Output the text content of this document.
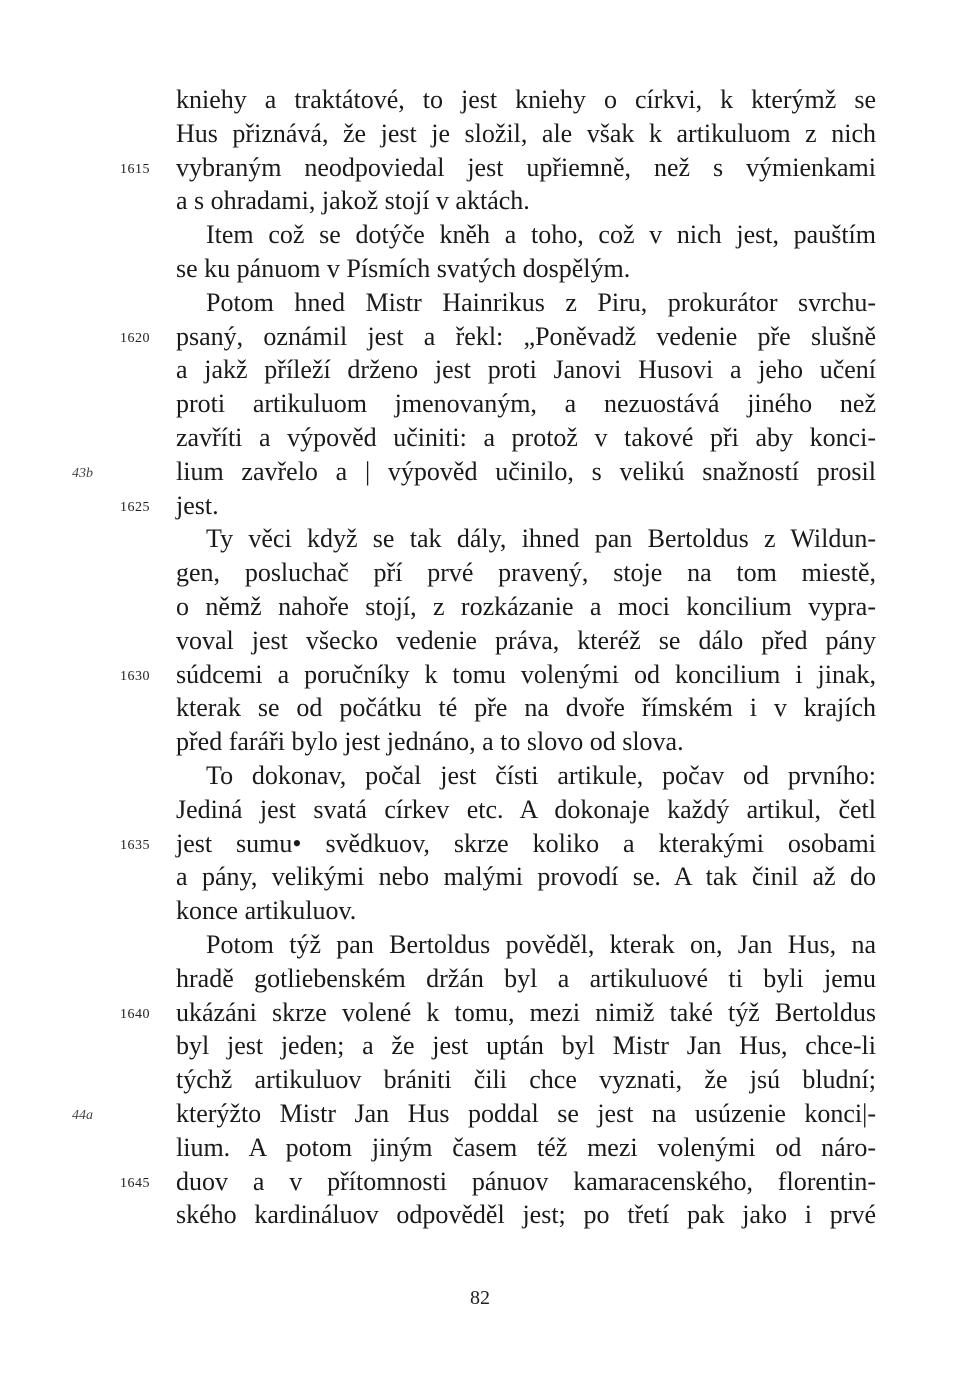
kniehy a traktátové, to jest kniehy o církvi, k kterýmž se
Hus přiznává, že jest je složil, ale však k artikuluom z nich
vybraným neodpoviedal jest upřiemně, než s výmienkami
a s ohradami, jakož stojí v aktách.
Item což se dotýče kněh a toho, což v nich jest, pauštím
se ku pánuom v Písmích svatých dospělým.
Potom hned Mistr Hainrikus z Piru, prokurátor svrchu-
psaný, oznámil jest a řekl: „Poněvadž vedenie pře slušně
a jakž příleží drženo jest proti Janovi Husovi a jeho učení
proti artikuluom jmenovaným, a nezuostává jiného než
zavříti a výpověd učiniti: a protož v takové při aby konci-
lium zavřelo a | výpověd učinilo, s velikú snažností prosil
jest.
Ty věci když se tak dály, ihned pan Bertoldus z Wildun-
gen, posluchač pří prvé pravený, stoje na tom miestě,
o němž nahoře stojí, z rozkázanie a moci koncilium vypra-
voval jest všecko vedenie práva, kteréž se dálo před pány
súdcemi a poručníky k tomu volenými od koncilium i jinak,
kterak se od počátku té pře na dvoře římském i v krajích
před faráři bylo jest jednáno, a to slovo od slova.
To dokonav, počal jest čísti artikule, počav od prvního:
Jediná jest svatá církev etc. A dokonaje každý artikul, četl
jest sumu• svědkuov, skrze koliko a kterakými osobami
a pány, velikými nebo malými provodí se. A tak činil až do
konce artikuluov.
Potom týž pan Bertoldus pověděl, kterak on, Jan Hus, na
hradě gotliebenském držán byl a artikuluové ti byli jemu
ukázáni skrze volené k tomu, mezi nimiž také týž Bertoldus
byl jest jeden; a že jest uptán byl Mistr Jan Hus, chce-li
týchž artikuluov brániti čili chce vyznati, že jsú bludní;
kterýžto Mistr Jan Hus poddal se jest na usúzenie konci|-
lium. A potom jiným časem též mezi volenými od náro-
duov a v přítomnosti pánuov kamaracenského, florentin-
ského kardináluov odpověděl jest; po třetí pak jako i prvé
1615
1620
1625
1630
1635
1640
1645
43b
44a
82
